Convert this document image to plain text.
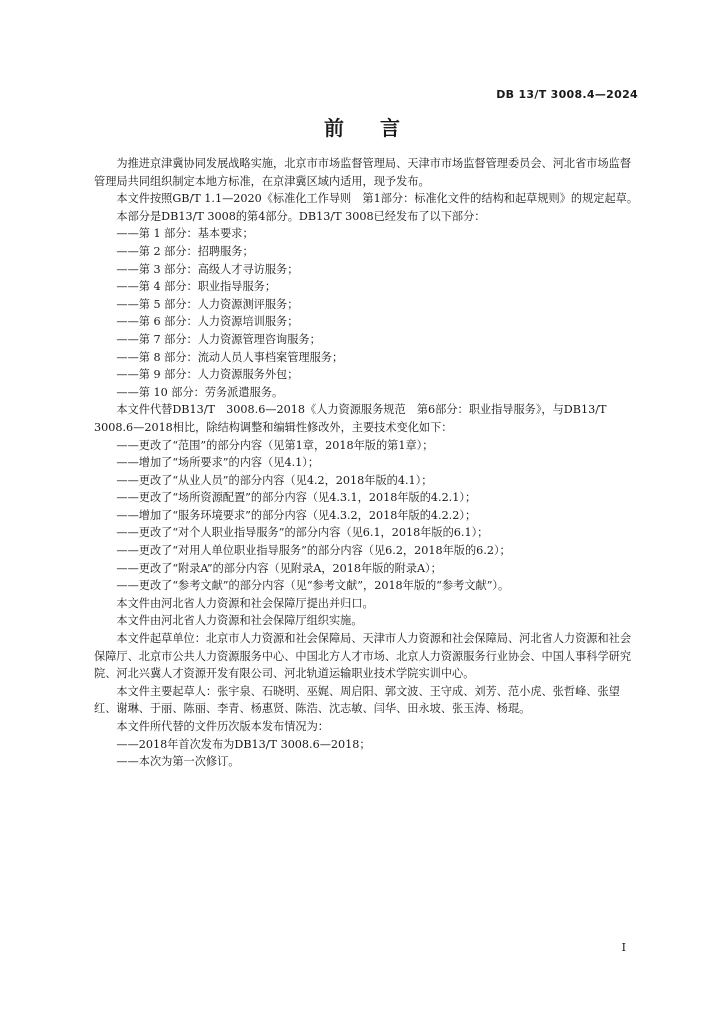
DB 13/T 3008.4—2024
前言

为推进京津冀协同发展战略实施，北京市市场监督管理局、天津市市场监督管理委员会、河北省市场监督管理局共同组织制定本地方标准，在京津冀区域内适用，现予发布。

本文件按照GB/T 1.1—2020《标准化工作导则　第1部分：标准化文件的结构和起草规则》的规定起草。

本部分是DB13/T 3008的第4部分。DB13/T 3008已经发布了以下部分：

——第 1 部分：基本要求；

——第 2 部分：招聘服务；

——第 3 部分：高级人才寻访服务；

——第 4 部分：职业指导服务；

——第 5 部分：人力资源测评服务；

——第 6 部分：人力资源培训服务；

——第 7 部分：人力资源管理咨询服务；

——第 8 部分：流动人员人事档案管理服务；

——第 9 部分：人力资源服务外包；

——第 10 部分：劳务派遣服务。

本文件代替DB13/T　3008.6—2018《人力资源服务规范　第6部分：职业指导服务》，与DB13/T 3008.6—2018相比，除结构调整和编辑性修改外，主要技术变化如下：

——更改了“范围”的部分内容（见第1章，2018年版的第1章）；

——增加了“场所要求”的内容（见4.1）；

——更改了“从业人员”的部分内容（见4.2，2018年版的4.1）；

——更改了“场所资源配置”的部分内容（见4.3.1，2018年版的4.2.1）；

——增加了“服务环境要求”的部分内容（见4.3.2，2018年版的4.2.2）；

——更改了“对个人职业指导服务”的部分内容（见6.1，2018年版的6.1）；

——更改了“对用人单位职业指导服务”的部分内容（见6.2，2018年版的6.2）；

——更改了“附录A”的部分内容（见附录A，2018年版的附录A）；

——更改了“参考文献”的部分内容（见“参考文献”，2018年版的“参考文献”）。

本文件由河北省人力资源和社会保障厅提出并归口。

本文件由河北省人力资源和社会保障厅组织实施。

本文件起草单位：北京市人力资源和社会保障局、天津市人力资源和社会保障局、河北省人力资源和社会保障厅、北京市公共人力资源服务中心、中国北方人才市场、北京人力资源服务行业协会、中国人事科学研究院、河北兴冀人才资源开发有限公司、河北轨道运输职业技术学院实训中心。

本文件主要起草人：张宇泉、石晓明、巫娓、周启阳、郭文波、王守成、刘芳、范小虎、张哲峰、张望红、谢琳、于丽、陈丽、李青、杨惠贤、陈浩、沈志敏、闫华、田永坡、张玉涛、杨琨。

本文件所代替的文件历次版本发布情况为：

——2018年首次发布为DB13/T 3008.6—2018；

——本次为第一次修订。

I
